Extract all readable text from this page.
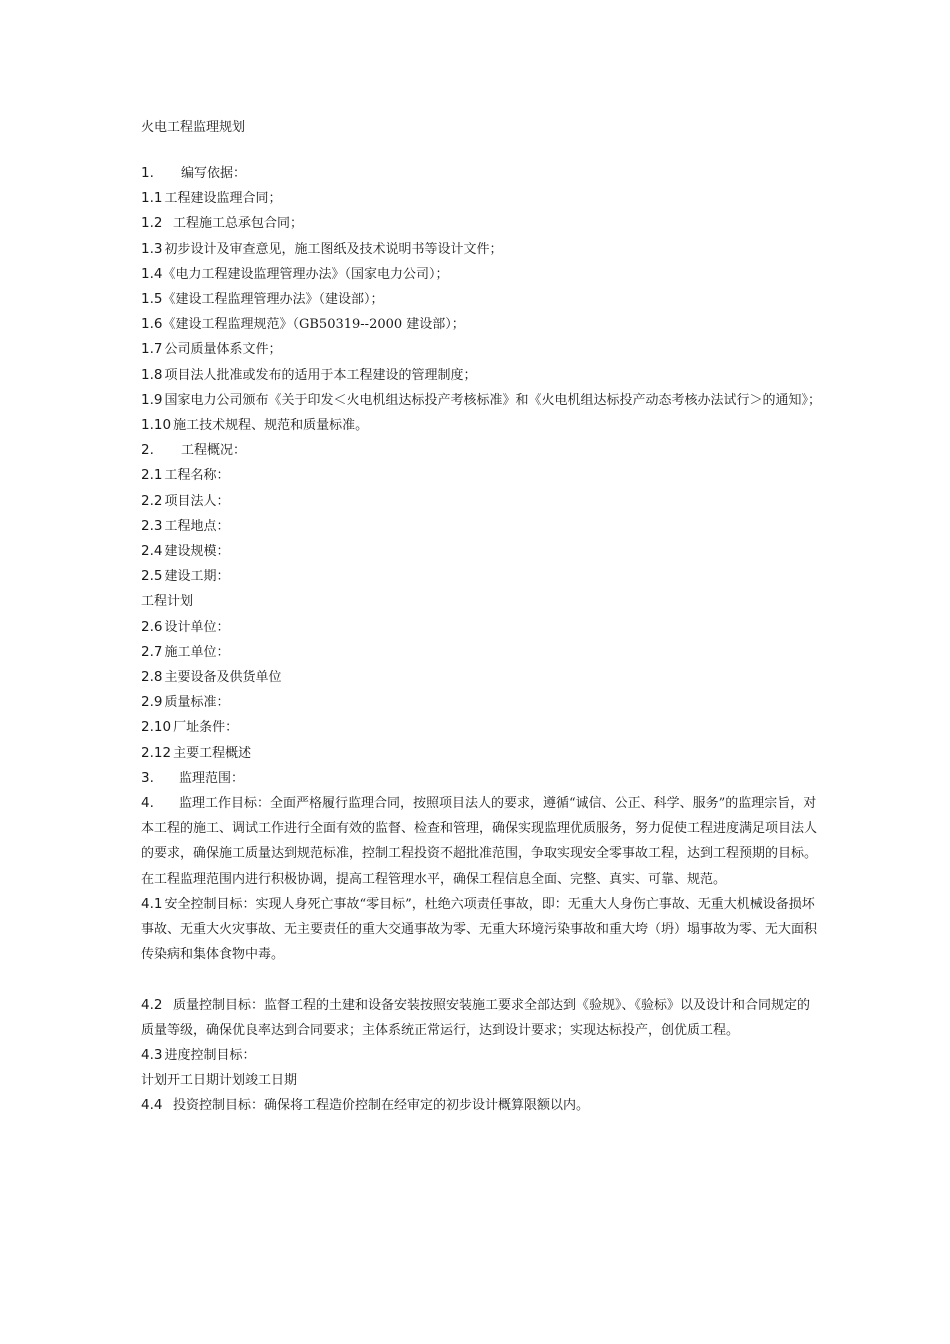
火电工程监理规划

1. 编写依据：

1.1 工程建设监理合同；

1.2 工程施工总承包合同；

1.3 初步设计及审查意见，施工图纸及技术说明书等设计文件；

1.4《电力工程建设监理管理办法》（国家电力公司）；

1.5《建设工程监理管理办法》（建设部）；

1.6《建设工程监理规范》（GB50319--2000 建设部）；

1.7 公司质量体系文件；

1.8 项目法人批准或发布的适用于本工程建设的管理制度；

1.9 国家电力公司颁布《关于印发＜火电机组达标投产考核标准》和《火电机组达标投产动态考核办法试行＞的通知》；

1.10 施工技术规程、规范和质量标准。

2. 工程概况：

2.1 工程名称：

2.2 项目法人：

2.3 工程地点：

2.4 建设规模：

2.5 建设工期：

工程计划

2.6 设计单位：

2.7 施工单位：

2.8 主要设备及供货单位

2.9 质量标准：

2.10 厂址条件：

2.12 主要工程概述

3. 监理范围：

4. 监理工作目标：全面严格履行监理合同，按照项目法人的要求，遵循“诚信、公正、科学、服务”的监理宗旨，对本工程的施工、调试工作进行全面有效的监督、检查和管理，确保实现监理优质服务，努力促使工程进度满足项目法人的要求，确保施工质量达到规范标准，控制工程投资不超批准范围，争取实现安全零事故工程，达到工程预期的目标。在工程监理范围内进行积极协调，提高工程管理水平，确保工程信息全面、完整、真实、可靠、规范。

4.1 安全控制目标：实现人身死亡事故“零目标”，杜绝六项责任事故，即：无重大人身伤亡事故、无重大机械设备损坏事故、无重大火灾事故、无主要责任的重大交通事故为零、无重大环境污染事故和重大垮（坍）塌事故为零、无大面积传染病和集体食物中毒。

4.2 质量控制目标：监督工程的土建和设备安装按照安装施工要求全部达到《验规》、《验标》以及设计和合同规定的质量等级，确保优良率达到合同要求；主体系统正常运行，达到设计要求；实现达标投产，创优质工程。

4.3 进度控制目标：

计划开工日期计划竣工日期

4.4 投资控制目标：确保将工程造价控制在经审定的初步设计概算限额以内。
